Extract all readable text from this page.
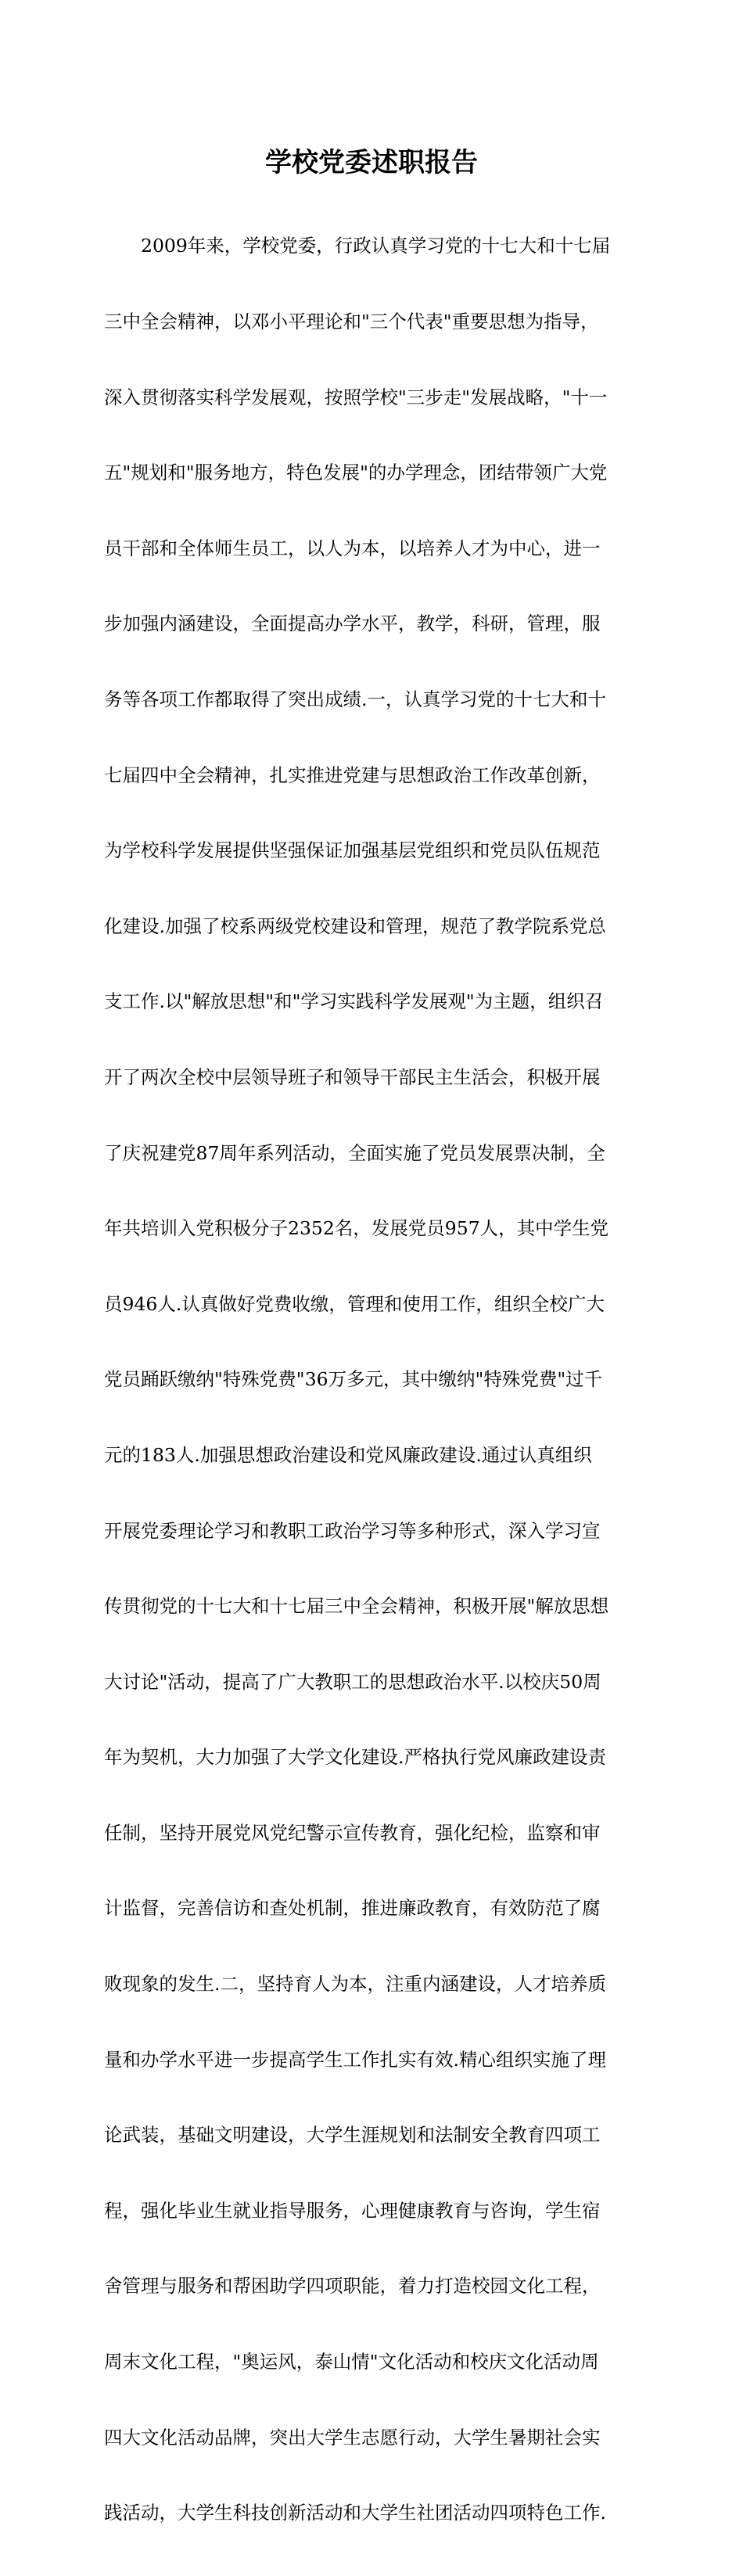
学校党委述职报告

　　2009年来，学校党委，行政认真学习党的十七大和十七届

三中全会精神，以邓小平理论和"三个代表"重要思想为指导，

深入贯彻落实科学发展观，按照学校"三步走"发展战略，"十一

五"规划和"服务地方，特色发展"的办学理念，团结带领广大党

员干部和全体师生员工，以人为本，以培养人才为中心，进一

步加强内涵建设，全面提高办学水平，教学，科研，管理，服

务等各项工作都取得了突出成绩.一，认真学习党的十七大和十

七届四中全会精神，扎实推进党建与思想政治工作改革创新，

为学校科学发展提供坚强保证加强基层党组织和党员队伍规范

化建设.加强了校系两级党校建设和管理，规范了教学院系党总

支工作.以"解放思想"和"学习实践科学发展观"为主题，组织召

开了两次全校中层领导班子和领导干部民主生活会，积极开展

了庆祝建党87周年系列活动，全面实施了党员发展票决制，全

年共培训入党积极分子2352名，发展党员957人，其中学生党

员946人.认真做好党费收缴，管理和使用工作，组织全校广大

党员踊跃缴纳"特殊党费"36万多元，其中缴纳"特殊党费"过千

元的183人.加强思想政治建设和党风廉政建设.通过认真组织

开展党委理论学习和教职工政治学习等多种形式，深入学习宣

传贯彻党的十七大和十七届三中全会精神，积极开展"解放思想

大讨论"活动，提高了广大教职工的思想政治水平.以校庆50周

年为契机，大力加强了大学文化建设.严格执行党风廉政建设责

任制，坚持开展党风党纪警示宣传教育，强化纪检，监察和审

计监督，完善信访和查处机制，推进廉政教育，有效防范了腐

败现象的发生.二，坚持育人为本，注重内涵建设，人才培养质

量和办学水平进一步提高学生工作扎实有效.精心组织实施了理

论武装，基础文明建设，大学生涯规划和法制安全教育四项工

程，强化毕业生就业指导服务，心理健康教育与咨询，学生宿

舍管理与服务和帮困助学四项职能，着力打造校园文化工程，

周末文化工程，"奥运风，泰山情"文化活动和校庆文化活动周

四大文化活动品牌，突出大学生志愿行动，大学生暑期社会实

践活动，大学生科技创新活动和大学生社团活动四项特色工作.
